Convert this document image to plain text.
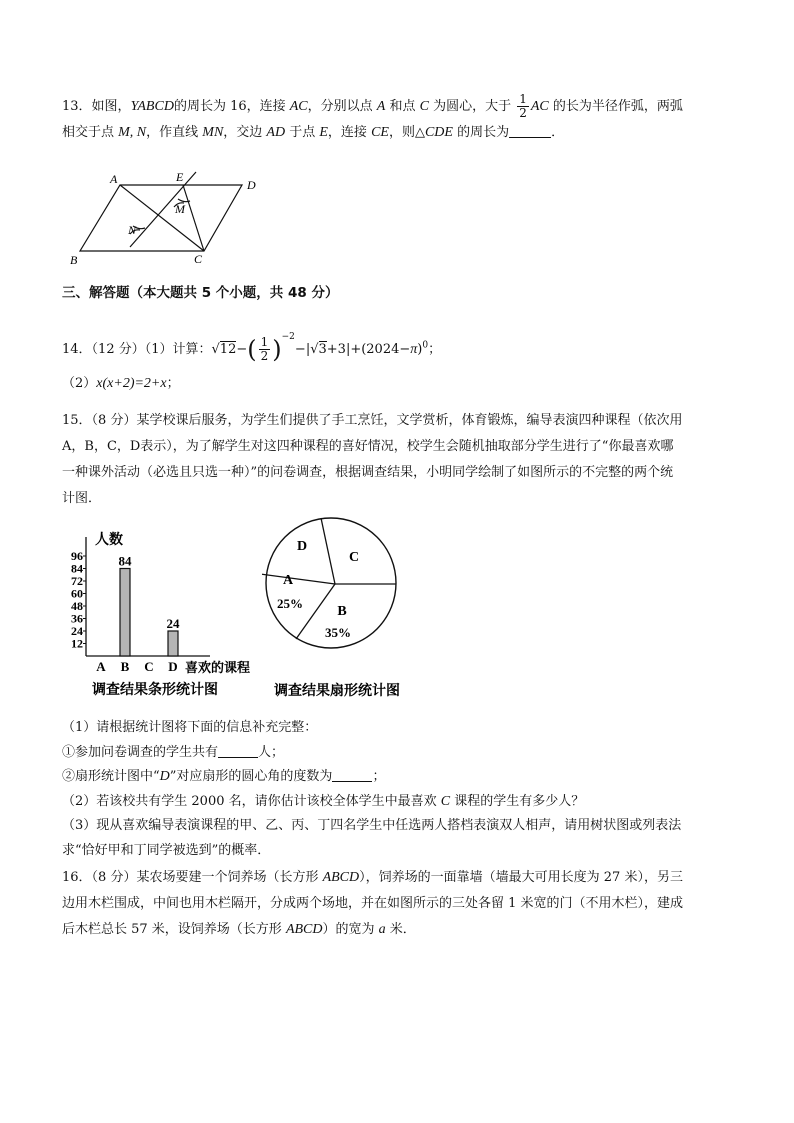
13．如图，YABCD的周长为 16，连接 AC，分别以点 A 和点 C 为圆心，大于 $\frac{1}{2}$ AC 的长为半径作弧，两弧
相交于点 M, N，作直线 MN，交边 AD 于点 E，连接 CE，则△CDE 的周长为	．
A	E
D
M
N
B	C
三、解答题（本大题共 5 个小题，共 48 分）
14．（12 分）（1）计算：$√12-( \frac{1}{2} )^{-2}-|√3+3|+(2024-\pi)^0$；
（2）x(x+2)=2+x；
15．（8 分）某学校课后服务，为学生们提供了手工烹饪，文学赏析，体育锻炼，编导表演四种课程（依次用
A，B，C，D表示），为了解学生对这四种课程的喜好情况，校学生会随机抽取部分学生进行了“你最喜欢哪
一种课外活动（必选且只选一种）”的问卷调查，根据调查结果，小明同学绘制了如图所示的不完整的两个统
计图．
人数
12
24
36
48
60
72
84
96
A B
84
C D
24
喜欢的课程
调查结果条形统计图
A
B
C
D
25%
35%
调查结果扇形统计图
（1）请根据统计图将下面的信息补充完整：
①参加问卷调查的学生共有	人；
②扇形统计图中“D”对应扇形的圆心角的度数为	；
（2）若该校共有学生 2000 名，请你估计该校全体学生中最喜欢 C 课程的学生有多少人？
（3）现从喜欢编导表演课程的甲、乙、丙、丁四名学生中任选两人搭档表演双人相声，请用树状图或列表法
求“恰好甲和丁同学被选到”的概率．
16．（8 分）某农场要建一个饲养场（长方形 ABCD），饲养场的一面靠墙（墙最大可用长度为 27 米），另三
边用木栏围成，中间也用木栏隔开，分成两个场地，并在如图所示的三处各留 1 米宽的门（不用木栏），建成
后木栏总长 57 米，设饲养场（长方形 ABCD）的宽为 a 米．
